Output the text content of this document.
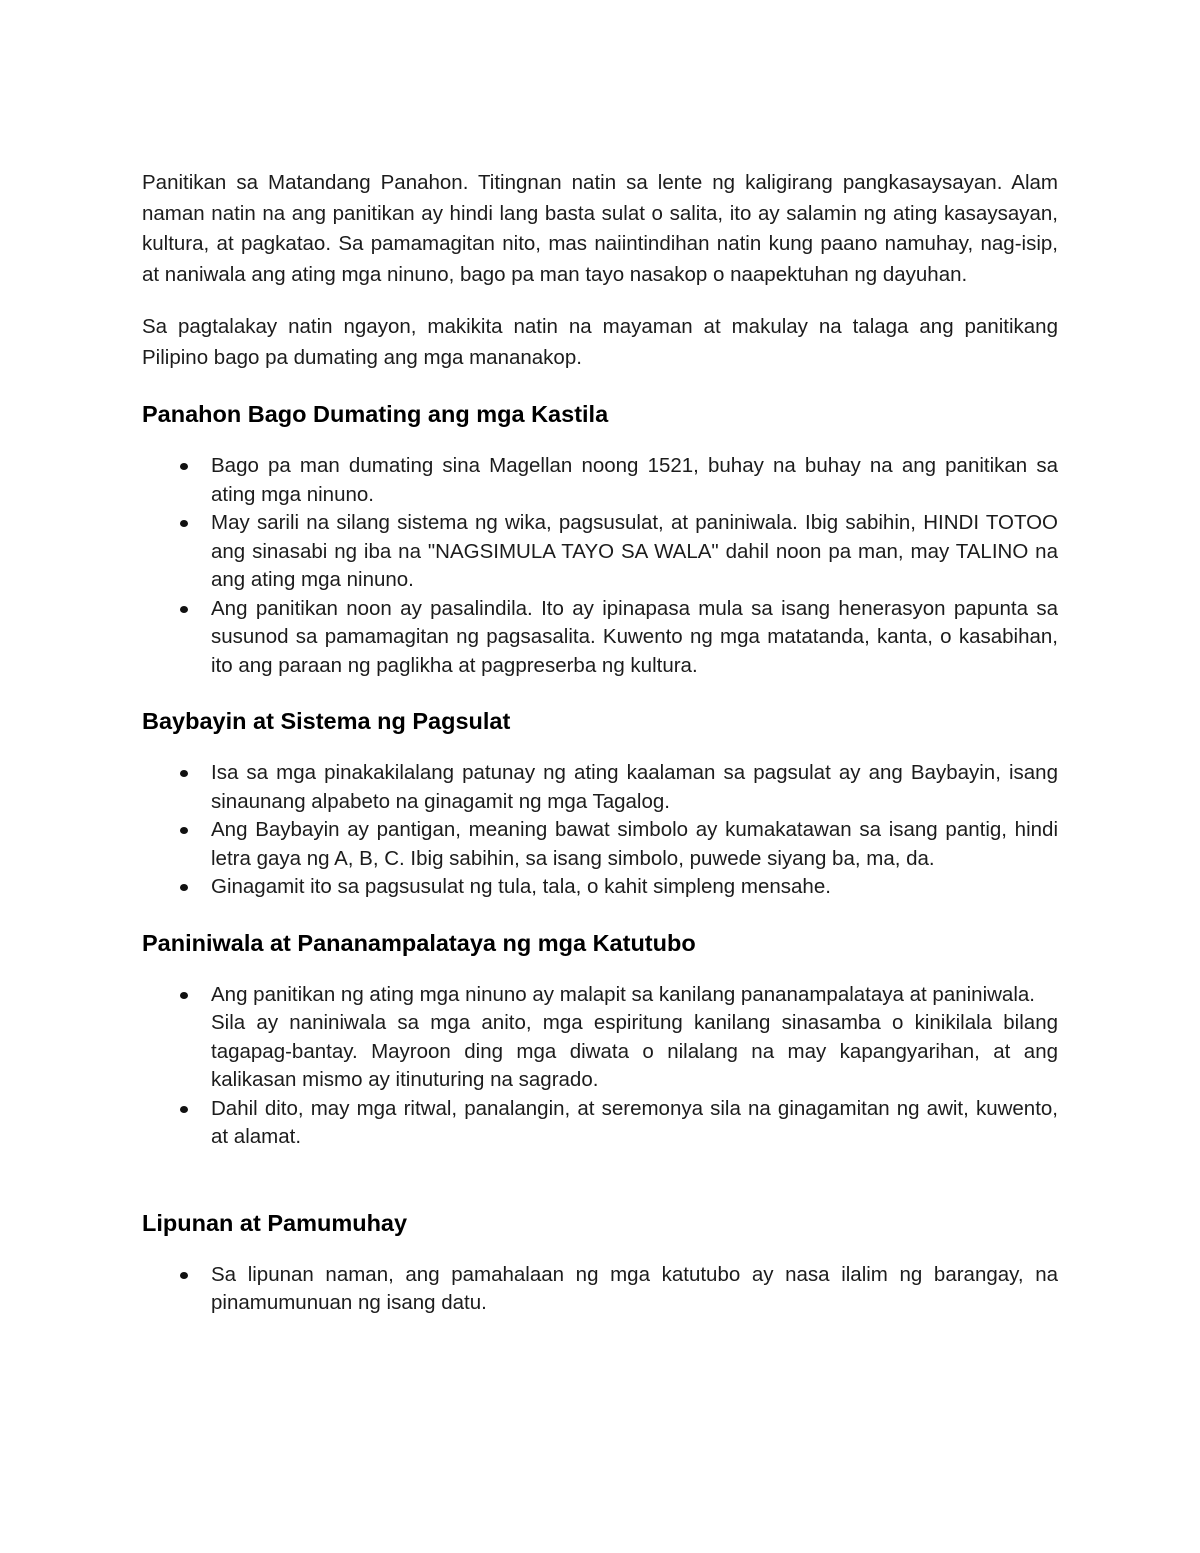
Panitikan sa Matandang Panahon. Titingnan natin sa lente ng kaligirang pangkasaysayan. Alam naman natin na ang panitikan ay hindi lang basta sulat o salita, ito ay salamin ng ating kasaysayan, kultura, at pagkatao. Sa pamamagitan nito, mas naiintindihan natin kung paano namuhay, nag-isip, at naniwala ang ating mga ninuno, bago pa man tayo nasakop o naapektuhan ng dayuhan.

Sa pagtalakay natin ngayon, makikita natin na mayaman at makulay na talaga ang panitikang Pilipino bago pa dumating ang mga mananakop.

Panahon Bago Dumating ang mga Kastila
Bago pa man dumating sina Magellan noong 1521, buhay na buhay na ang panitikan sa ating mga ninuno.
May sarili na silang sistema ng wika, pagsusulat, at paniniwala. Ibig sabihin, HINDI TOTOO ang sinasabi ng iba na "NAGSIMULA TAYO SA WALA" dahil noon pa man, may TALINO na ang ating mga ninuno.
Ang panitikan noon ay pasalindila. Ito ay ipinapasa mula sa isang henerasyon papunta sa susunod sa pamamagitan ng pagsasalita. Kuwento ng mga matatanda, kanta, o kasabihan, ito ang paraan ng paglikha at pagpreserba ng kultura.
Baybayin at Sistema ng Pagsulat
Isa sa mga pinakakilalang patunay ng ating kaalaman sa pagsulat ay ang Baybayin, isang sinaunang alpabeto na ginagamit ng mga Tagalog.
Ang Baybayin ay pantigan, meaning bawat simbolo ay kumakatawan sa isang pantig, hindi letra gaya ng A, B, C. Ibig sabihin, sa isang simbolo, puwede siyang ba, ma, da.
Ginagamit ito sa pagsusulat ng tula, tala, o kahit simpleng mensahe.
Paniniwala at Pananampalataya ng mga Katutubo
Ang panitikan ng ating mga ninuno ay malapit sa kanilang pananampalataya at paniniwala.
Sila ay naniniwala sa mga anito, mga espiritung kanilang sinasamba o kinikilala bilang tagapag-bantay. Mayroon ding mga diwata o nilalang na may kapangyarihan, at ang kalikasan mismo ay itinuturing na sagrado.
Dahil dito, may mga ritwal, panalangin, at seremonya sila na ginagamitan ng awit, kuwento, at alamat.
Lipunan at Pamumuhay
Sa lipunan naman, ang pamahalaan ng mga katutubo ay nasa ilalim ng barangay, na pinamumunuan ng isang datu.
